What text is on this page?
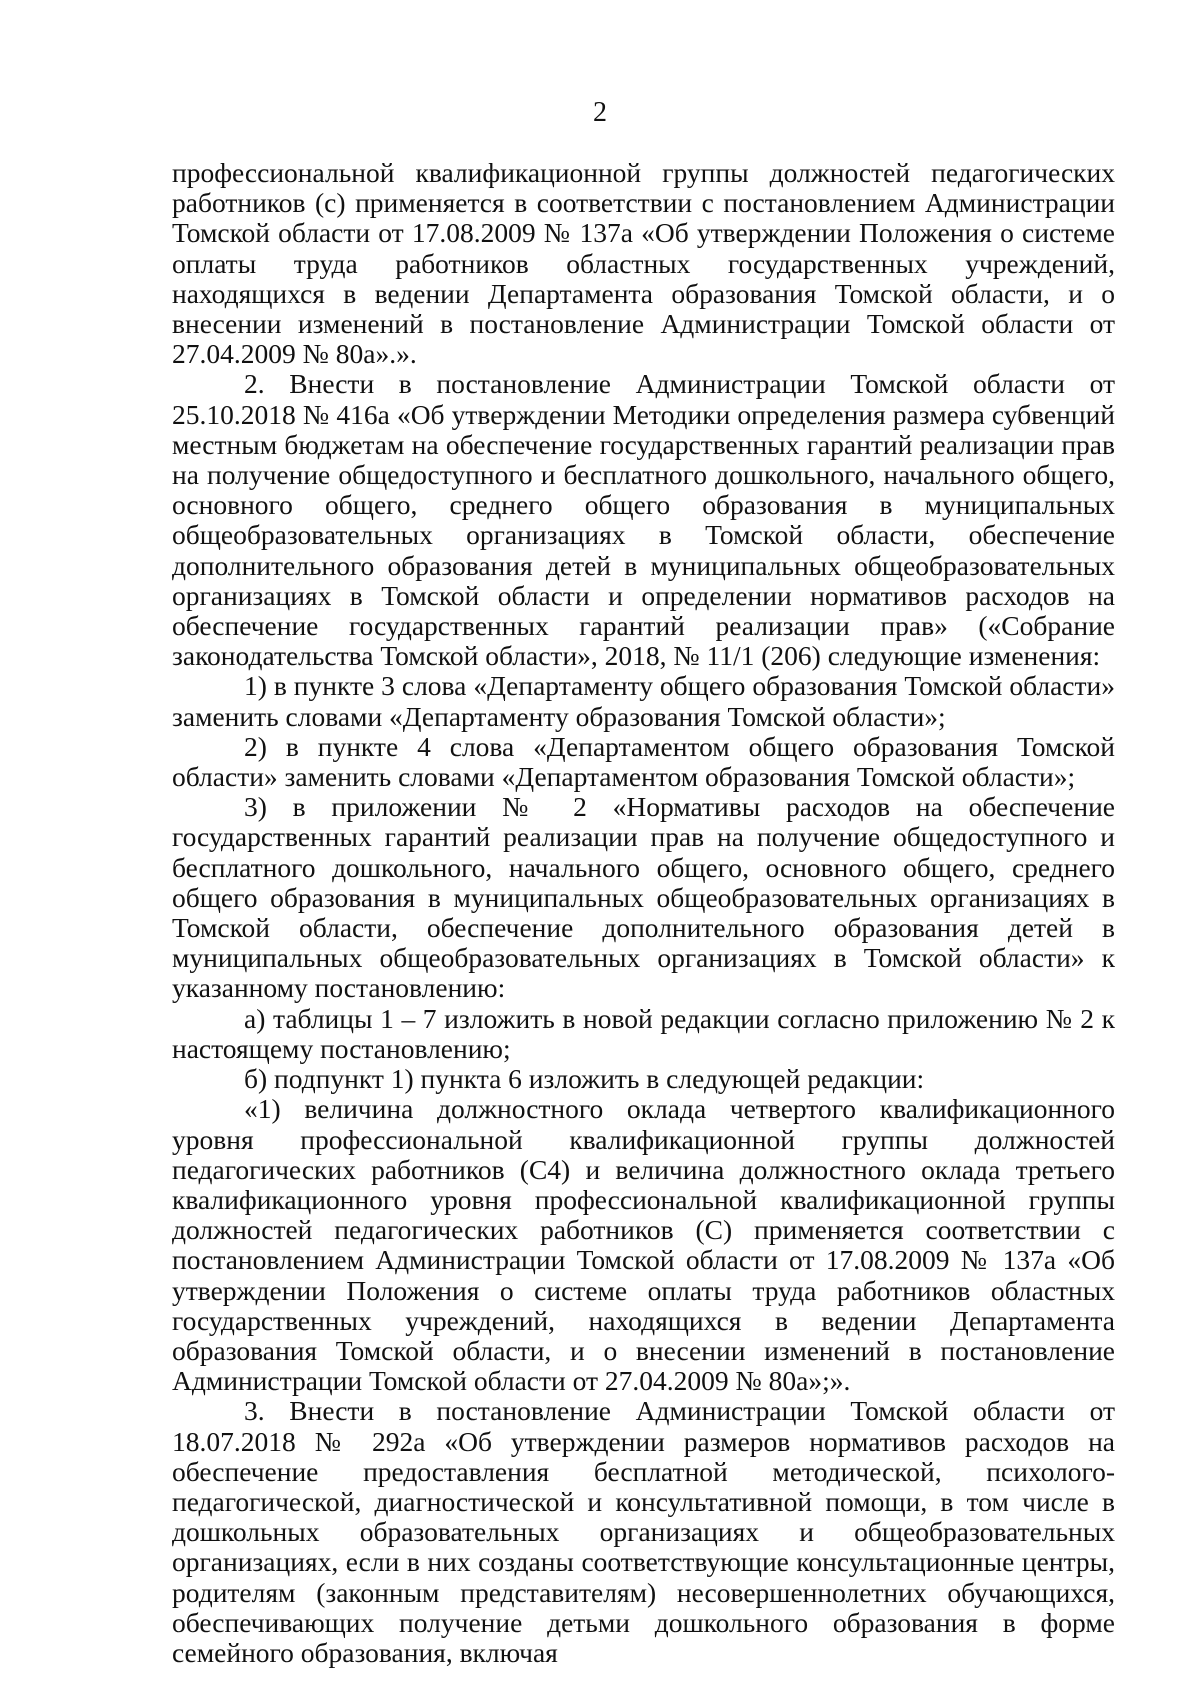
2

профессиональной квалификационной группы должностей педагогических работников (с) применяется в соответствии с постановлением Администрации Томской области от 17.08.2009 № 137а «Об утверждении Положения о системе оплаты труда работников областных государственных учреждений, находящихся в ведении Департамента образования Томской области, и о внесении изменений в постановление Администрации Томской области от 27.04.2009 № 80а».».

2. Внести в постановление Администрации Томской области от 25.10.2018 № 416а «Об утверждении Методики определения размера субвенций местным бюджетам на обеспечение государственных гарантий реализации прав на получение общедоступного и бесплатного дошкольного, начального общего, основного общего, среднего общего образования в муниципальных общеобразовательных организациях в Томской области, обеспечение дополнительного образования детей в муниципальных общеобразовательных организациях в Томской области и определении нормативов расходов на обеспечение государственных гарантий реализации прав» («Собрание законодательства Томской области», 2018, № 11/1 (206) следующие изменения:

1) в пункте 3 слова «Департаменту общего образования Томской области» заменить словами «Департаменту образования Томской области»;

2) в пункте 4 слова «Департаментом общего образования Томской области» заменить словами «Департаментом образования Томской области»;

3) в приложении № 2 «Нормативы расходов на обеспечение государственных гарантий реализации прав на получение общедоступного и бесплатного дошкольного, начального общего, основного общего, среднего общего образования в муниципальных общеобразовательных организациях в Томской области, обеспечение дополнительного образования детей в муниципальных общеобразовательных организациях в Томской области» к указанному постановлению:

а) таблицы 1 – 7 изложить в новой редакции согласно приложению № 2 к настоящему постановлению;

б) подпункт 1) пункта 6 изложить в следующей редакции:

«1) величина должностного оклада четвертого квалификационного уровня профессиональной квалификационной группы должностей педагогических работников (С4) и величина должностного оклада третьего квалификационного уровня профессиональной квалификационной группы должностей педагогических работников (С) применяется соответствии с постановлением Администрации Томской области от 17.08.2009 № 137а «Об утверждении Положения о системе оплаты труда работников областных государственных учреждений, находящихся в ведении Департамента образования Томской области, и о внесении изменений в постановление Администрации Томской области от 27.04.2009 № 80а»;».

3. Внести в постановление Администрации Томской области от 18.07.2018 № 292а «Об утверждении размеров нормативов расходов на обеспечение предоставления бесплатной методической, психолого-педагогической, диагностической и консультативной помощи, в том числе в дошкольных образовательных организациях и общеобразовательных организациях, если в них созданы соответствующие консультационные центры, родителям (законным представителям) несовершеннолетних обучающихся, обеспечивающих получение детьми дошкольного образования в форме семейного образования, включая
